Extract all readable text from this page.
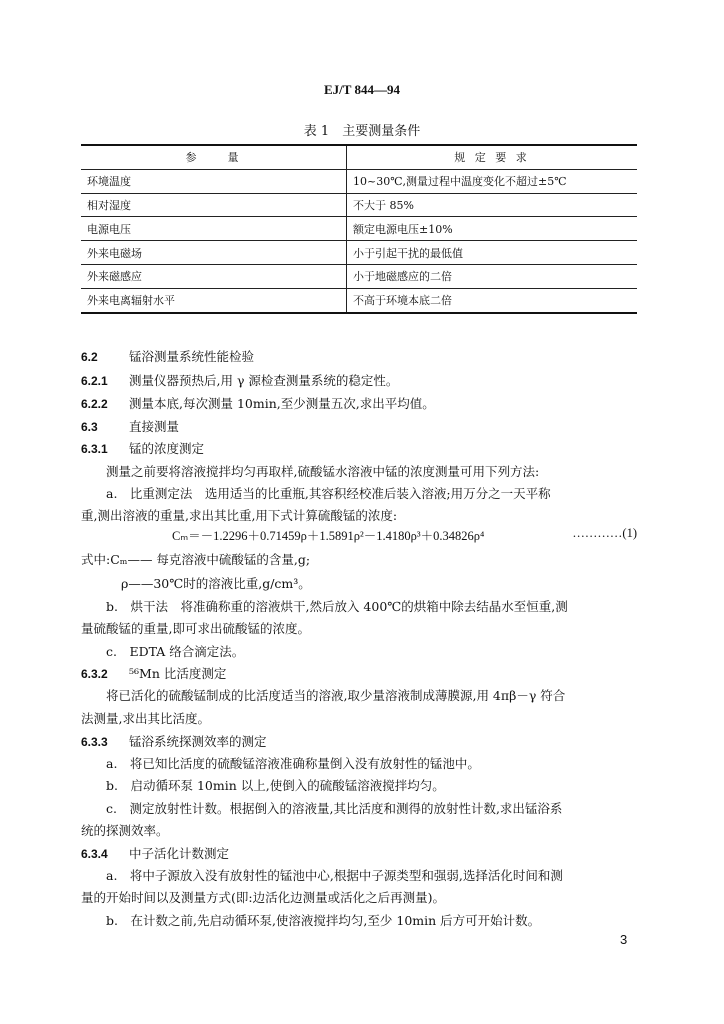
EJ/T 844—94
表 1　主要测量条件
参　　量	规 定 要 求
环境温度	10~30℃,测量过程中温度变化不超过±5℃
相对湿度	不大于 85%
电源电压	额定电源电压±10%
外来电磁场	小于引起干扰的最低值
外来磁感应	小于地磁感应的二倍
外来电离辐射水平	不高于环境本底二倍
6.2	锰浴测量系统性能检验
6.2.1 测量仪器预热后,用 γ 源检查测量系统的稳定性。
6.2.2 测量本底,每次测量 10min,至少测量五次,求出平均值。
6.3	直接测量
6.3.1 锰的浓度测定
测量之前要将溶液搅拌均匀再取样,硫酸锰水溶液中锰的浓度测量可用下列方法:
a.　比重测定法　选用适当的比重瓶,其容积经校准后装入溶液;用万分之一天平称
重,测出溶液的重量,求出其比重,用下式计算硫酸锰的浓度:
Cₘ＝－1.2296＋0.71459ρ＋1.5891ρ²－1.4180ρ³＋0.34826ρ⁴	…………(1)
式中:Cₘ—— 每克溶液中硫酸锰的含量,g;
ρ——30℃时的溶液比重,g/cm³。
b.　烘干法　将准确称重的溶液烘干,然后放入 400℃的烘箱中除去结晶水至恒重,测
量硫酸锰的重量,即可求出硫酸锰的浓度。
c.　EDTA 络合滴定法。
6.3.2 ⁵⁶Mn 比活度测定
将已活化的硫酸锰制成的比活度适当的溶液,取少量溶液制成薄膜源,用 4πβ－γ 符合
法测量,求出其比活度。
6.3.3 锰浴系统探测效率的测定
a.　将已知比活度的硫酸锰溶液准确称量倒入没有放射性的锰池中。
b.　启动循环泵 10min 以上,使倒入的硫酸锰溶液搅拌均匀。
c.　测定放射性计数。根据倒入的溶液量,其比活度和测得的放射性计数,求出锰浴系
统的探测效率。
6.3.4 中子活化计数测定
a.　将中子源放入没有放射性的锰池中心,根据中子源类型和强弱,选择活化时间和测
量的开始时间以及测量方式(即:边活化边测量或活化之后再测量)。
b.　在计数之前,先启动循环泵,使溶液搅拌均匀,至少 10min 后方可开始计数。
3
